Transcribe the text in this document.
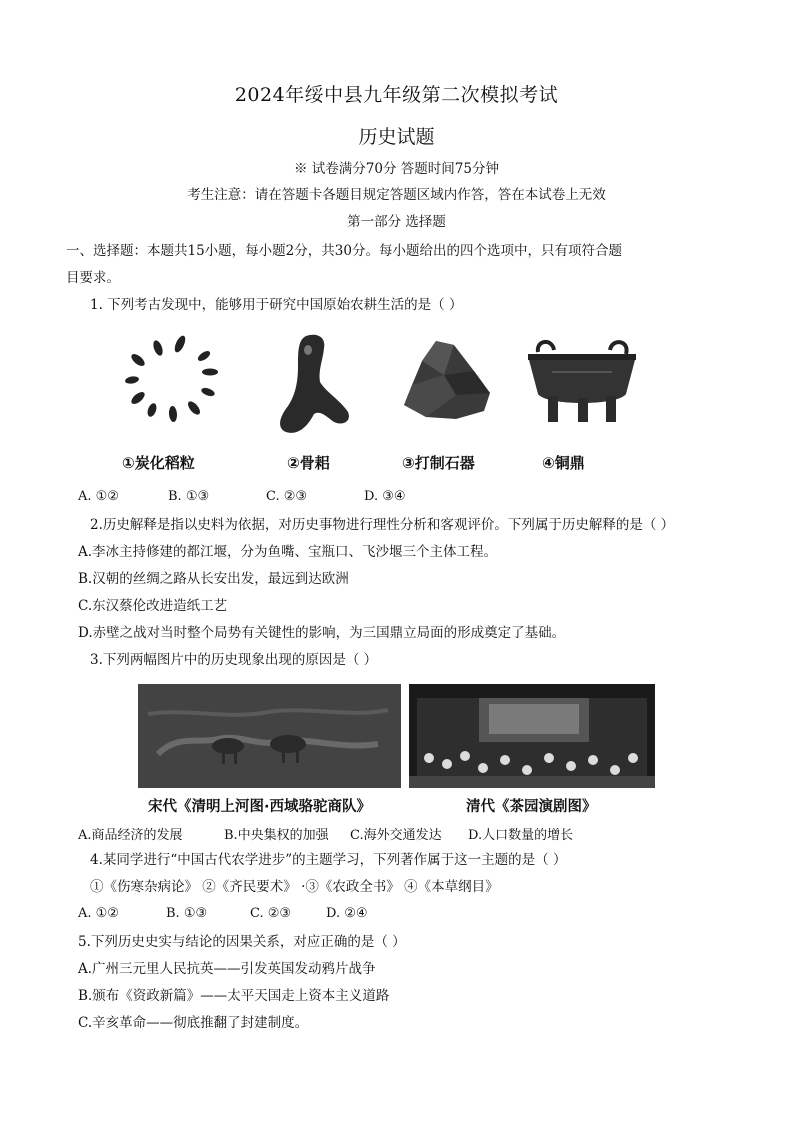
2024年绥中县九年级第二次模拟考试
历史试题
※ 试卷满分70分 答题时间75分钟
考生注意：请在答题卡各题目规定答题区域内作答，答在本试卷上无效
第一部分 选择题
一、选择题：本题共15小题，每小题2分，共30分。每小题给出的四个选项中，只有项符合题
目要求。
1. 下列考古发现中，能够用于研究中国原始农耕生活的是（ ）
①炭化稻粒	②骨耜	③打制石器	④铜鼎
A. ①②	B. ①③	C. ②③	D. ③④
2.历史解释是指以史料为依据，对历史事物进行理性分析和客观评价。下列属于历史解释的是（ ）
A.李冰主持修建的都江堰，分为鱼嘴、宝瓶口、飞沙堰三个主体工程。
B.汉朝的丝绸之路从长安出发，最远到达欧洲
C.东汉蔡伦改进造纸工艺
D.赤壁之战对当时整个局势有关键性的影响，为三国鼎立局面的形成奠定了基础。
3.下列两幅图片中的历史现象出现的原因是（ ）
宋代《清明上河图·西域骆驼商队》	清代《茶园演剧图》
A.商品经济的发展	B.中央集权的加强 C.海外交通发达 D.人口数量的增长
4.某同学进行“中国古代农学进步”的主题学习，下列著作属于这一主题的是（ ）
①《伤寒杂病论》 ②《齐民要术》 ·③《农政全书》 ④《本草纲目》
A. ①②	B. ①③	C. ②③	D. ②④
5.下列历史史实与结论的因果关系，对应正确的是（ ）
A.广州三元里人民抗英——引发英国发动鸦片战争
B.颁布《资政新篇》——太平天国走上资本主义道路
C.辛亥革命——彻底推翻了封建制度。
